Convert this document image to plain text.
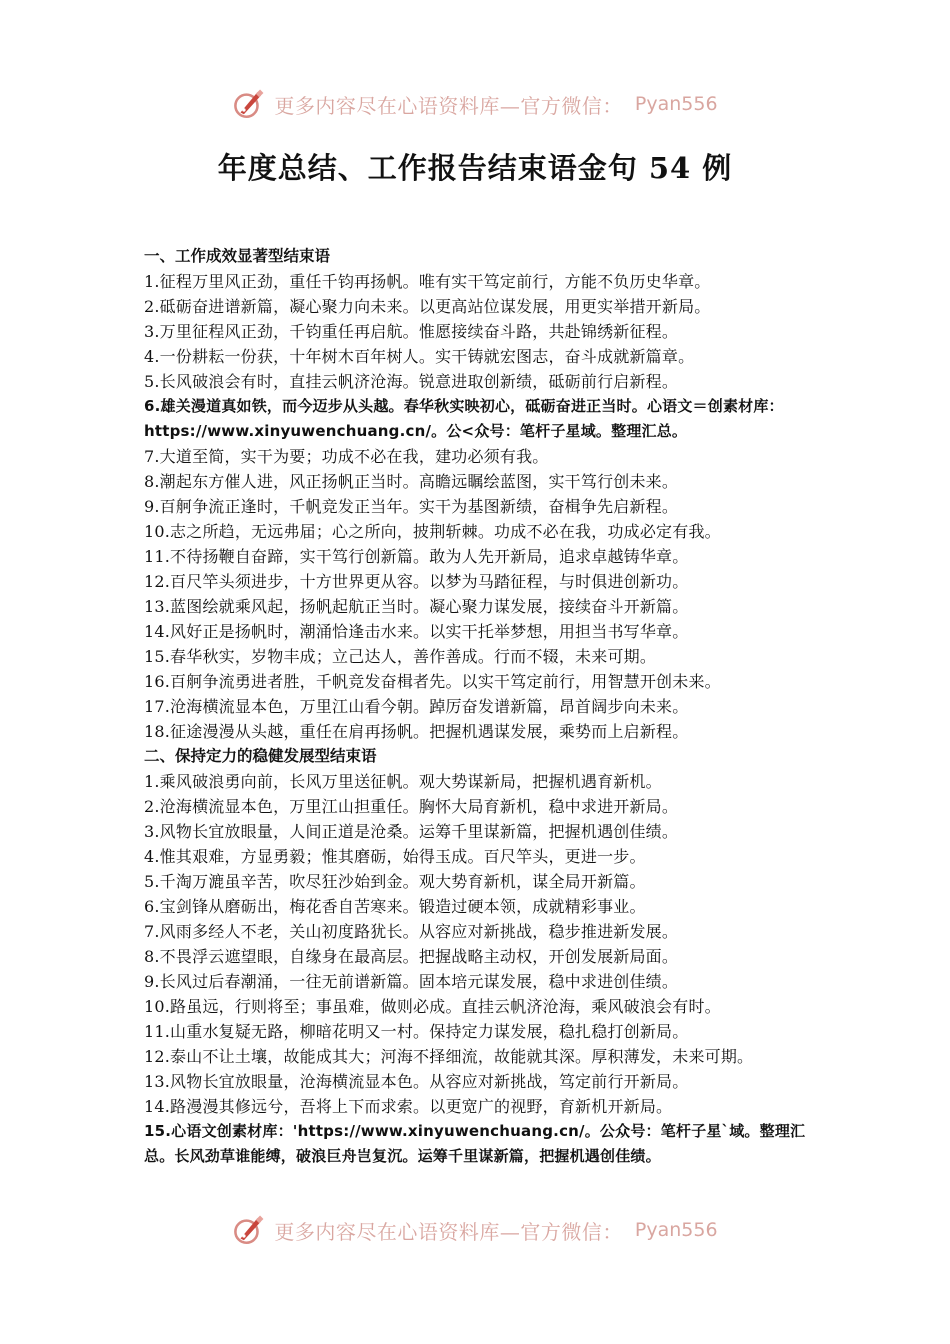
更多内容尽在心语资料库—官方微信： Pyan556
年度总结、工作报告结束语金句 54 例
一、工作成效显著型结束语
1.征程万里风正劲，重任千钧再扬帆。唯有实干笃定前行，方能不负历史华章。
2.砥砺奋进谱新篇，凝心聚力向未来。以更高站位谋发展，用更实举措开新局。
3.万里征程风正劲，千钧重任再启航。惟愿接续奋斗路，共赴锦绣新征程。
4.一份耕耘一份获，十年树木百年树人。实干铸就宏图志，奋斗成就新篇章。
5.长风破浪会有时，直挂云帆济沧海。锐意进取创新绩，砥砺前行启新程。
6.雄关漫道真如铁，而今迈步从头越。春华秋实映初心，砥砺奋进正当时。心语文＝创素材库：https://www.xinyuwenchuang.cn/。公<众号：笔杆子星域。整理汇总。
7.大道至简，实干为要；功成不必在我，建功必须有我。
8.潮起东方催人进，风正扬帆正当时。高瞻远瞩绘蓝图，实干笃行创未来。
9.百舸争流正逢时，千帆竞发正当年。实干为基图新绩，奋楫争先启新程。
10.志之所趋，无远弗届；心之所向，披荆斩棘。功成不必在我，功成必定有我。
11.不待扬鞭自奋蹄，实干笃行创新篇。敢为人先开新局，追求卓越铸华章。
12.百尺竿头须进步，十方世界更从容。以梦为马踏征程，与时俱进创新功。
13.蓝图绘就乘风起，扬帆起航正当时。凝心聚力谋发展，接续奋斗开新篇。
14.风好正是扬帆时，潮涌恰逢击水来。以实干托举梦想，用担当书写华章。
15.春华秋实，岁物丰成；立己达人，善作善成。行而不辍，未来可期。
16.百舸争流勇进者胜，千帆竞发奋楫者先。以实干笃定前行，用智慧开创未来。
17.沧海横流显本色，万里江山看今朝。踔厉奋发谱新篇，昂首阔步向未来。
18.征途漫漫从头越，重任在肩再扬帆。把握机遇谋发展，乘势而上启新程。
二、保持定力的稳健发展型结束语
1.乘风破浪勇向前，长风万里送征帆。观大势谋新局，把握机遇育新机。
2.沧海横流显本色，万里江山担重任。胸怀大局育新机，稳中求进开新局。
3.风物长宜放眼量，人间正道是沧桑。运筹千里谋新篇，把握机遇创佳绩。
4.惟其艰难，方显勇毅；惟其磨砺，始得玉成。百尺竿头，更进一步。
5.千淘万漉虽辛苦，吹尽狂沙始到金。观大势育新机，谋全局开新篇。
6.宝剑锋从磨砺出，梅花香自苦寒来。锻造过硬本领，成就精彩事业。
7.风雨多经人不老，关山初度路犹长。从容应对新挑战，稳步推进新发展。
8.不畏浮云遮望眼，自缘身在最高层。把握战略主动权，开创发展新局面。
9.长风过后春潮涌，一往无前谱新篇。固本培元谋发展，稳中求进创佳绩。
10.路虽远，行则将至；事虽难，做则必成。直挂云帆济沧海，乘风破浪会有时。
11.山重水复疑无路，柳暗花明又一村。保持定力谋发展，稳扎稳打创新局。
12.泰山不让土壤，故能成其大；河海不择细流，故能就其深。厚积薄发，未来可期。
13.风物长宜放眼量，沧海横流显本色。从容应对新挑战，笃定前行开新局。
14.路漫漫其修远兮，吾将上下而求索。以更宽广的视野，育新机开新局。
15.心语文创素材库：'https://www.xinyuwenchuang.cn/。公众号：笔杆子星`域。整理汇总。长风劲草谁能缚，破浪巨舟岂复沉。运筹千里谋新篇，把握机遇创佳绩。
更多内容尽在心语资料库—官方微信： Pyan556
